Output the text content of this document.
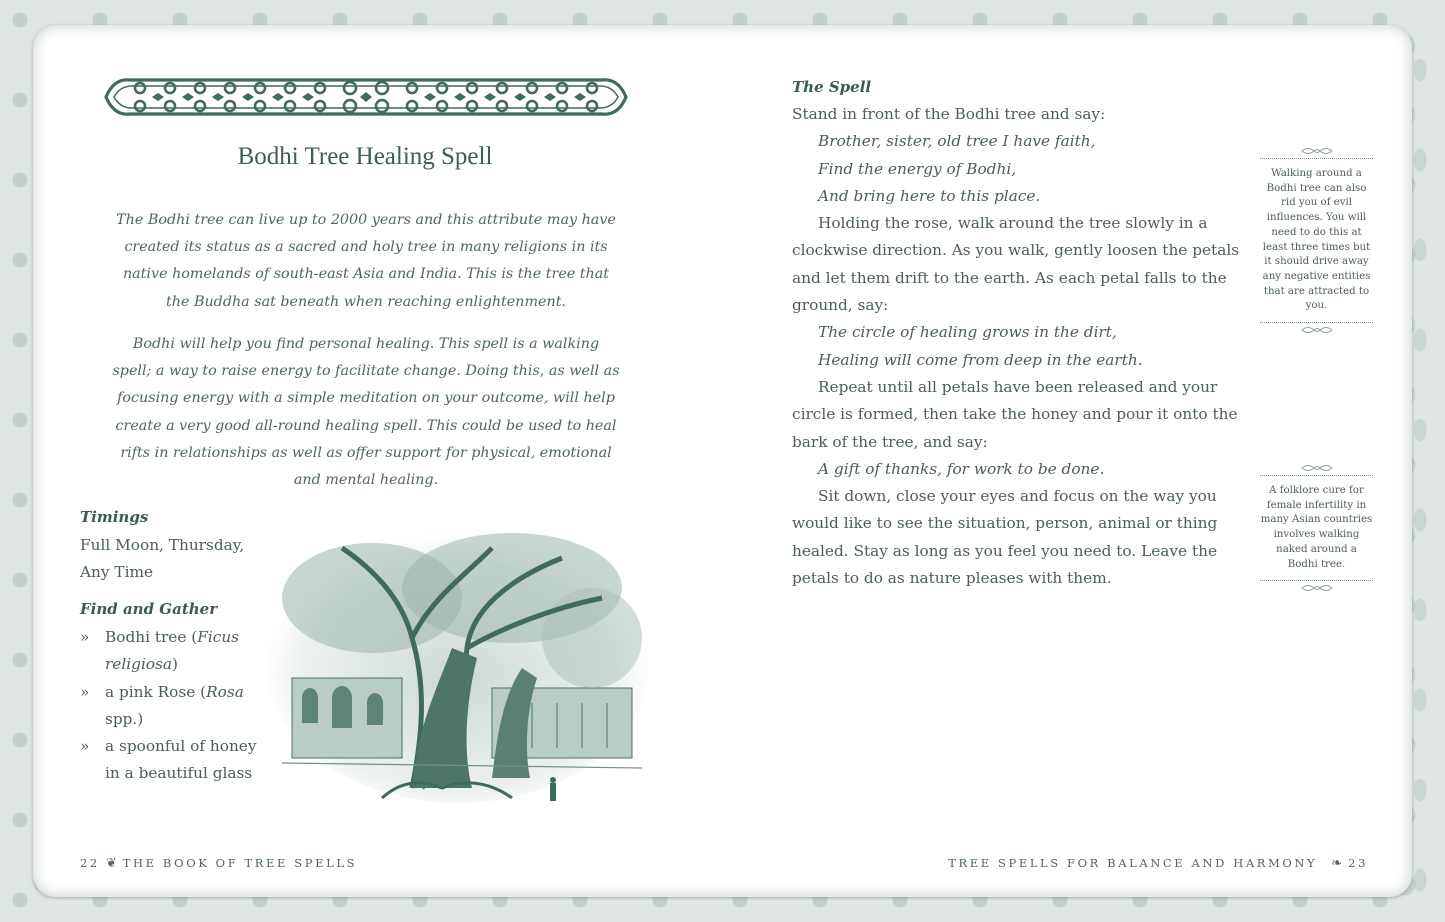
Bodhi Tree Healing Spell

The Bodhi tree can live up to 2000 years and this attribute may have created its status as a sacred and holy tree in many religions in its native homelands of south-east Asia and India. This is the tree that the Buddha sat beneath when reaching enlightenment.

Bodhi will help you find personal healing. This spell is a walking spell; a way to raise energy to facilitate change. Doing this, as well as focusing energy with a simple meditation on your outcome, will help create a very good all-round healing spell. This could be used to heal rifts in relationships as well as offer support for physical, emotional and mental healing.

Timings
Full Moon, Thursday, Any Time
Find and Gather
» Bodhi tree (Ficus religiosa)
» a pink Rose (Rosa spp.)
» a spoonful of honey in a beautiful glass
The Spell

Stand in front of the Bodhi tree and say:

Brother, sister, old tree I have faith,

Find the energy of Bodhi,

And bring here to this place.

Holding the rose, walk around the tree slowly in a clockwise direction. As you walk, gently loosen the petals and let them drift to the earth. As each petal falls to the ground, say:

The circle of healing grows in the dirt,

Healing will come from deep in the earth.

Repeat until all petals have been released and your circle is formed, then take the honey and pour it onto the bark of the tree, and say:

A gift of thanks, for work to be done.

Sit down, close your eyes and focus on the way you would like to see the situation, person, animal or thing healed. Stay as long as you feel you need to. Leave the petals to do as nature pleases with them.

Walking around a Bodhi tree can also rid you of evil influences. You will need to do this at least three times but it should drive away any negative entities that are attracted to you.
A folklore cure for female infertility in many Asian countries involves walking naked around a Bodhi tree.
22 ❦ THE BOOK OF TREE SPELLS	TREE SPELLS FOR BALANCE AND HARMONY ❧ 23
